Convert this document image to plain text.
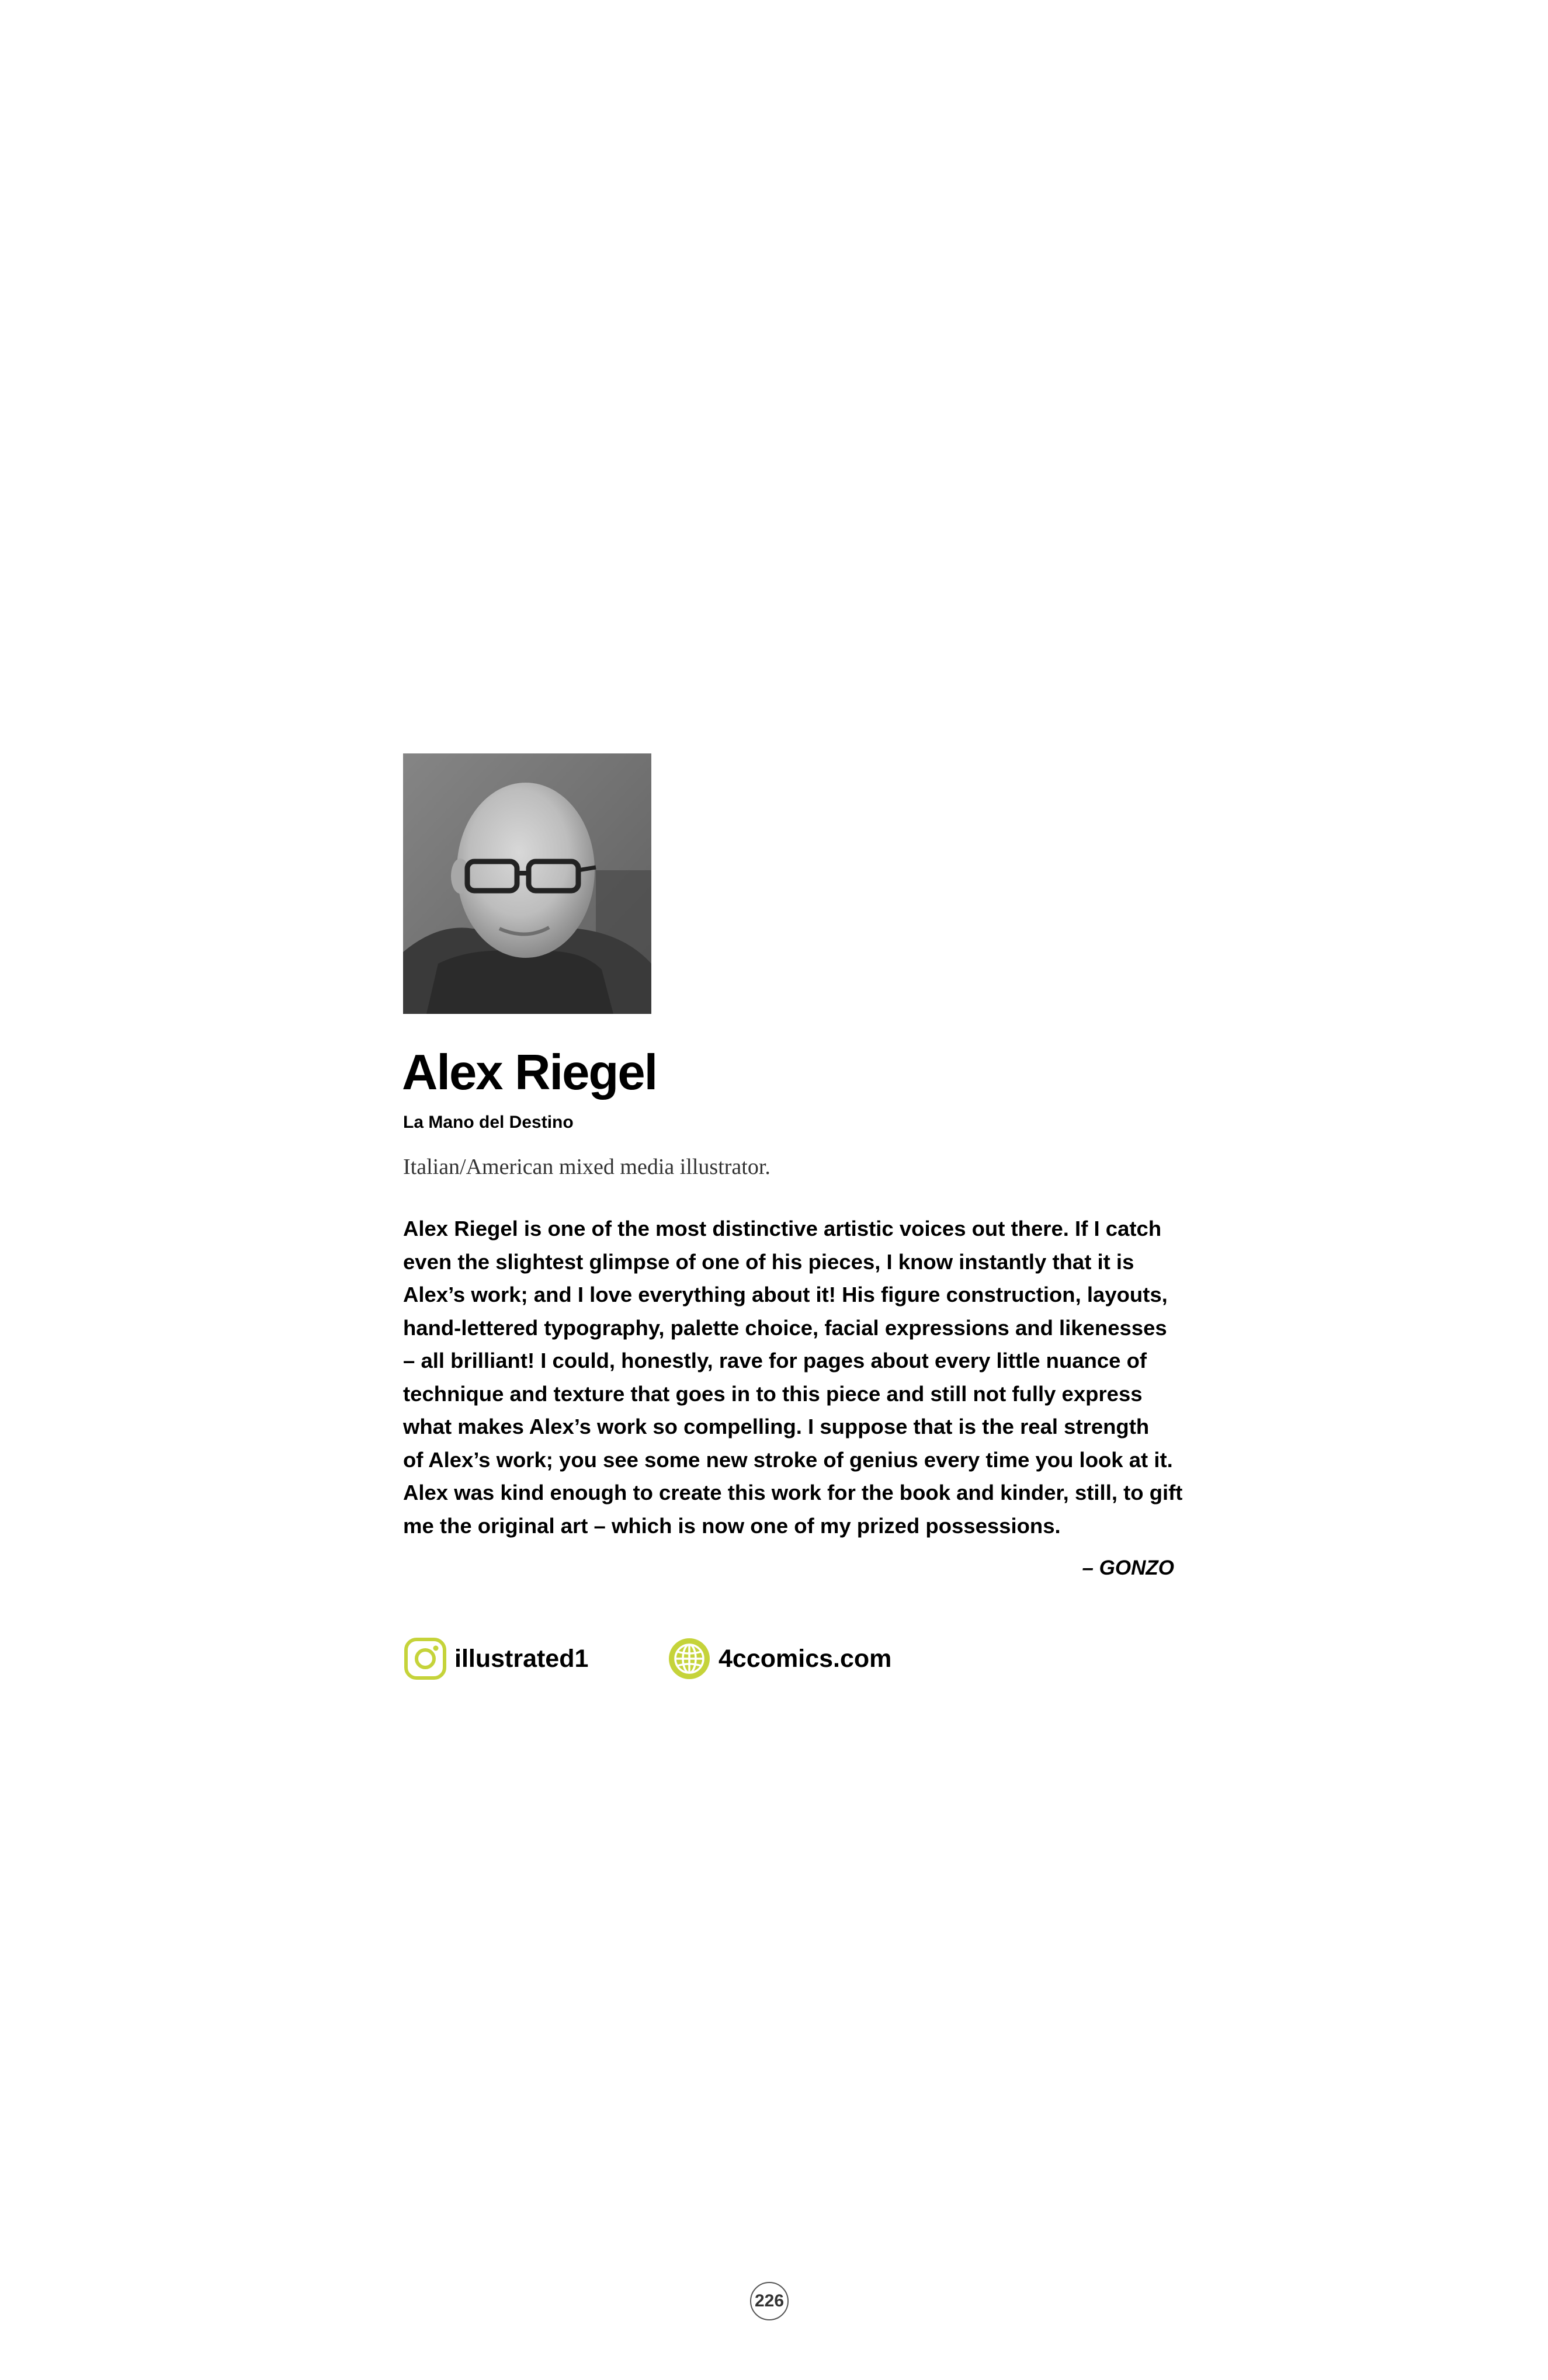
Alex Riegel
La Mano del Destino
Italian/American mixed media illustrator.

Alex Riegel is one of the most distinctive artistic voices out there. If I catch
even the slightest glimpse of one of his pieces, I know instantly that it is
Alex’s work; and I love everything about it! His figure construction, layouts,
hand-lettered typography, palette choice, facial expressions and likenesses
– all brilliant! I could, honestly, rave for pages about every little nuance of
technique and texture that goes in to this piece and still not fully express
what makes Alex’s work so compelling. I suppose that is the real strength
of Alex’s work; you see some new stroke of genius every time you look at it.
Alex was kind enough to create this work for the book and kinder, still, to gift
me the original art – which is now one of my prized possessions.

– GONZO
illustrated1	4ccomics.com
226
